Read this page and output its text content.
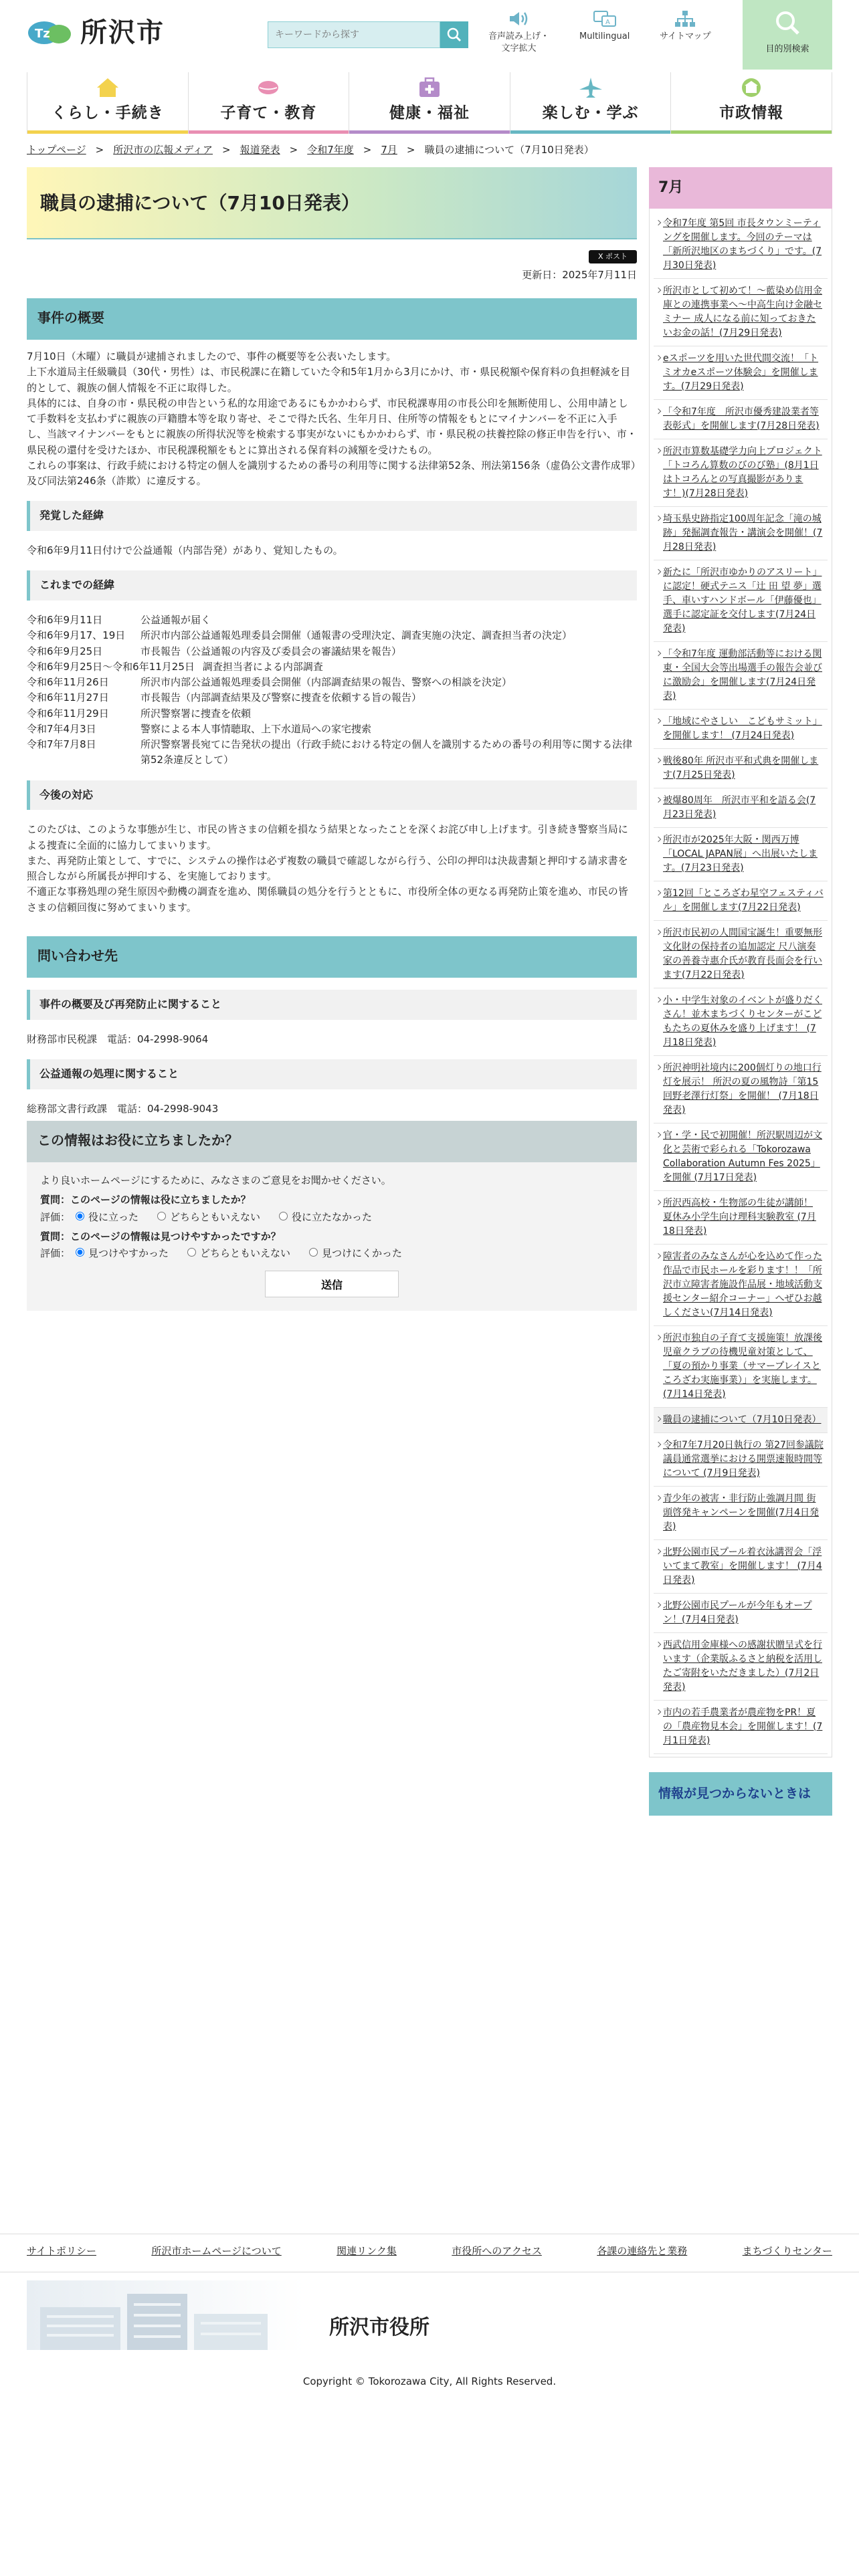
Tz 所沢市
キーワードから探す	音声読み上げ・
文字拡大
A
Multilingual	サイトマップ
目的別検索
くらし・手続き	子育て・教育	健康・福祉	楽しむ・学ぶ	市政情報
トップページ > 所沢市の広報メディア > 報道発表 > 令和7年度 > 7月 > 職員の逮捕について（7月10日発表）
職員の逮捕について（7月10日発表）
X ポスト
更新日：2025年7月11日
事件の概要

7月10日（木曜）に職員が逮捕されましたので、事件の概要等を公表いたします。

上下水道局主任級職員（30代・男性）は、市民税課に在籍していた令和5年1月から3月にかけ、市・県民税額や保育料の負担軽減を目的として、親族の個人情報を不正に取得した。

具体的には、自身の市・県民税の申告という私的な用途であるにもかかわらず、市民税課専用の市長公印を無断使用し、公用申請として手数料を支払わずに親族の戸籍謄本等を取り寄せ、そこで得た氏名、生年月日、住所等の情報をもとにマイナンバーを不正に入手し、当該マイナンバーをもとに親族の所得状況等を検索する事実がないにもかかわらず、市・県民税の扶養控除の修正申告を行い、市・県民税の還付を受けたほか、市民税課税額をもとに算出される保育料の減額を受けたもの。

これらの事案は、行政手続における特定の個人を識別するための番号の利用等に関する法律第52条、刑法第156条（虚偽公文書作成罪）及び同法第246条（詐欺）に違反する。

発覚した経緯

令和6年9月11日付けで公益通報（内部告発）があり、覚知したもの。

これまでの経緯
令和6年9月11日	公益通報が届く
令和6年9月17、19日	所沢市内部公益通報処理委員会開催（通報書の受理決定、調査実施の決定、調査担当者の決定）
令和6年9月25日	市長報告（公益通報の内容及び委員会の審議結果を報告）
令和6年9月25日～令和6年11月25日 調査担当者による内部調査
令和6年11月26日	所沢市内部公益通報処理委員会開催（内部調査結果の報告、警察への相談を決定）
令和6年11月27日	市長報告（内部調査結果及び警察に捜査を依頼する旨の報告）
令和6年11月29日	所沢警察署に捜査を依頼
令和7年4月3日	警察による本人事情聴取、上下水道局への家宅捜索
令和7年7月8日	所沢警察署長宛てに告発状の提出（行政手続における特定の個人を識別するための番号の利用等に関する法律第52条違反として）
今後の対応

このたびは、このような事態が生じ、市民の皆さまの信頼を損なう結果となったことを深くお詫び申し上げます。引き続き警察当局による捜査に全面的に協力してまいります。

また、再発防止策として、すでに、システムの操作は必ず複数の職員で確認しながら行う、公印の押印は決裁書類と押印する請求書を照合しながら所属長が押印する、を実施しております。

不適正な事務処理の発生原因や動機の調査を進め、関係職員の処分を行うとともに、市役所全体の更なる再発防止策を進め、市民の皆さまの信頼回復に努めてまいります。

問い合わせ先
事件の概要及び再発防止に関すること

財務部市民税課　電話：04-2998-9064

公益通報の処理に関すること

総務部文書行政課　電話：04-2998-9043

この情報はお役に立ちましたか？
より良いホームページにするために、みなさまのご意見をお聞かせください。
質問：このページの情報は役に立ちましたか？
評価：	役に立った	どちらともいえない	役に立たなかった
質問：このページの情報は見つけやすかったですか？
評価：	見つけやすかった	どちらともいえない	見つけにくかった
送信
7月
令和7年度 第5回 市長タウンミーティングを開催します。今回のテーマは「新所沢地区のまちづくり」です。(7月30日発表)
所沢市として初めて！～藍染め信用金庫との連携事業へ～中高生向け金融セミナー 成人になる前に知っておきたいお金の話！(7月29日発表)
eスポーツを用いた世代間交流！「トミオカeスポーツ体験会」を開催します。(7月29日発表)
「令和7年度　所沢市優秀建設業者等表彰式」を開催します(7月28日発表)
所沢市算数基礎学力向上プロジェクト「トコろん算数のびのび塾」(8月1日はトコろんとの写真撮影があります！)(7月28日発表)
埼玉県史跡指定100周年記念「滝の城跡」発掘調査報告・講演会を開催！(7月28日発表)
新たに「所沢市ゆかりのアスリート」に認定！硬式テニス「辻 田 望 夢」選手、車いすハンドボール「伊藤優也」選手に認定証を交付します(7月24日発表)
「令和7年度 運動部活動等における関東・全国大会等出場選手の報告会並びに激励会」を開催します(7月24日発表)
「地域にやさしい　こどもサミット」を開催します！ (7月24日発表)
戦後80年 所沢市平和式典を開催します(7月25日発表)
被爆80周年　所沢市平和を語る会(7月23日発表)
所沢市が2025年大阪・関西万博「LOCAL JAPAN展」へ出展いたします。(7月23日発表)
第12回「ところざわ星空フェスティバル」を開催します(7月22日発表)
所沢市民初の人間国宝誕生！重要無形文化財の保持者の追加認定 尺八演奏家の善養寺惠介氏が教育長面会を行います(7月22日発表)
小・中学生対象のイベントが盛りだくさん！並木まちづくりセンターがこどもたちの夏休みを盛り上げます！ (7月18日発表)
所沢神明社境内に200個灯りの地口行灯を展示！ 所沢の夏の風物詩「第15回野老澤行灯祭」を開催！ (7月18日発表)
官・学・民で初開催！所沢駅周辺が文化と芸術で彩られる「Tokorozawa Collaboration Autumn Fes 2025」を開催 (7月17日発表)
所沢西高校・生物部の生徒が講師！ 夏休み小学生向け理科実験教室 (7月18日発表)
障害者のみなさんが心を込めて作った作品で市民ホールを彩ります！！「所沢市立障害者施設作品展・地域活動支援センター紹介コーナー」へぜひお越しください(7月14日発表)
所沢市独自の子育て支援施策！放課後児童クラブの待機児童対策として、「夏の預かり事業（サマープレイスところざわ実施事業）」を実施します。(7月14日発表)
職員の逮捕について（7月10日発表）
令和7年7月20日執行の 第27回参議院議員通常選挙における開票速報時間等について (7月9日発表)
青少年の被害・非行防止強調月間 街頭啓発キャンペーンを開催(7月4日発表)
北野公園市民プール着衣泳講習会「浮いてまて教室」を開催します！ (7月4日発表)
北野公園市民プールが今年もオープン！(7月4日発表)
西武信用金庫様への感謝状贈呈式を行います（企業版ふるさと納税を活用したご寄附をいただきました）(7月2日発表)
市内の若手農業者が農産物をPR！夏の「農産物見本会」を開催します！(7月1日発表)
情報が見つからないときは
サイトポリシー	所沢市ホームページについて	関連リンク集	市役所へのアクセス	各課の連絡先と業務	まちづくりセンター
所沢市役所
Copyright © Tokorozawa City, All Rights Reserved.
